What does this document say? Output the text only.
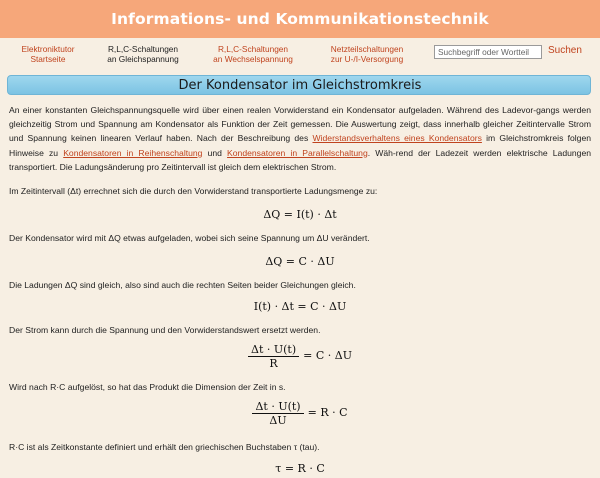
Informations- und Kommunikationstechnik
Elektroniktutor
Startseite
R,L,C-Schaltungen
an Gleichspannung
R,L,C-Schaltungen
an Wechselspannung
Netzteilschaltungen
zur U-/I-Versorgung
Suchbegriff oder Wortteil
Suchen
Der Kondensator im Gleichstromkreis

An einer konstanten Gleichspannungsquelle wird über einen realen Vorwiderstand ein Kondensator aufgeladen. Während des Ladevor-gangs werden gleichzeitig Strom und Spannung am Kondensator als Funktion der Zeit gemessen. Die Auswertung zeigt, dass innerhalb gleicher Zeitintervalle Strom und Spannung keinen linearen Verlauf haben. Nach der Beschreibung des Widerstandsverhaltens eines Kondensators im Gleichstromkreis folgen Hinweise zu Kondensatoren in Reihenschaltung und Kondensatoren in Parallelschaltung. Wäh-rend der Ladezeit werden elektrische Ladungen transportiert. Die Ladungsänderung pro Zeitintervall ist gleich dem elektrischen Strom.

Im Zeitintervall (Δt) errechnet sich die durch den Vorwiderstand transportierte Ladungsmenge zu:

ΔQ = I(t) · Δt

Der Kondensator wird mit ΔQ etwas aufgeladen, wobei sich seine Spannung um ΔU verändert.

ΔQ = C · ΔU

Die Ladungen ΔQ sind gleich, also sind auch die rechten Seiten beider Gleichungen gleich.

I(t) · Δt = C · ΔU

Der Strom kann durch die Spannung und den Vorwiderstandswert ersetzt werden.

$\frac{\Delta t \cdot U(t)}{R} = C \cdot \Delta U$

Wird nach R·C aufgelöst, so hat das Produkt die Dimension der Zeit in s.

$\frac{\Delta t \cdot U(t)}{\Delta U} = R \cdot C$

R·C ist als Zeitkonstante definiert und erhält den griechischen Buchstaben τ (tau).

τ = R · C
